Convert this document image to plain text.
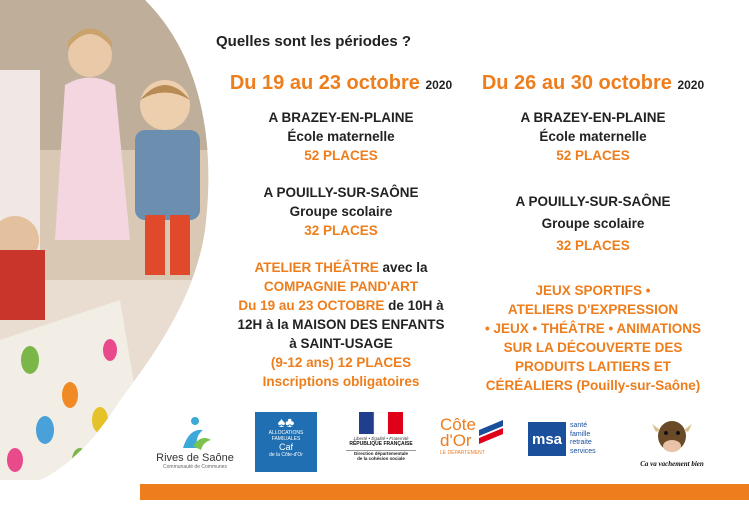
Quelles sont les périodes ?
Du 19 au 23 octobre 2020
A BRAZEY-EN-PLAINE
École maternelle
52 PLACES
A POUILLY-SUR-SAÔNE
Groupe scolaire
32 PLACES
ATELIER THÉÂTRE avec la
COMPAGNIE PAND'ART
Du 19 au 23 OCTOBRE de 10H à
12H à la MAISON DES ENFANTS
à SAINT-USAGE
(9-12 ans) 12 PLACES
Inscriptions obligatoires
Du 26 au 30 octobre 2020
A BRAZEY-EN-PLAINE
École maternelle
52 PLACES
A POUILLY-SUR-SAÔNE
Groupe scolaire
32 PLACES
JEUX SPORTIFS •
ATELIERS D'EXPRESSION
• JEUX • THÉÂTRE • ANIMATIONS
SUR LA DÉCOUVERTE DES
PRODUITS LAITIERS ET
CÉRÉALIERS (Pouilly-sur-Saône)
Rives de Saône
Communauté de Communes
♠♣
ALLOCATIONS
FAMILIALES
Caf
de la Côte-d'Or
Liberté • Égalité • Fraternité
RÉPUBLIQUE FRANÇAISE
Direction départementale
de la cohésion sociale
Côte
d'Or
LE DÉPARTEMENT
msa
santé
famille
retraite
services
Ca va vachement bien
